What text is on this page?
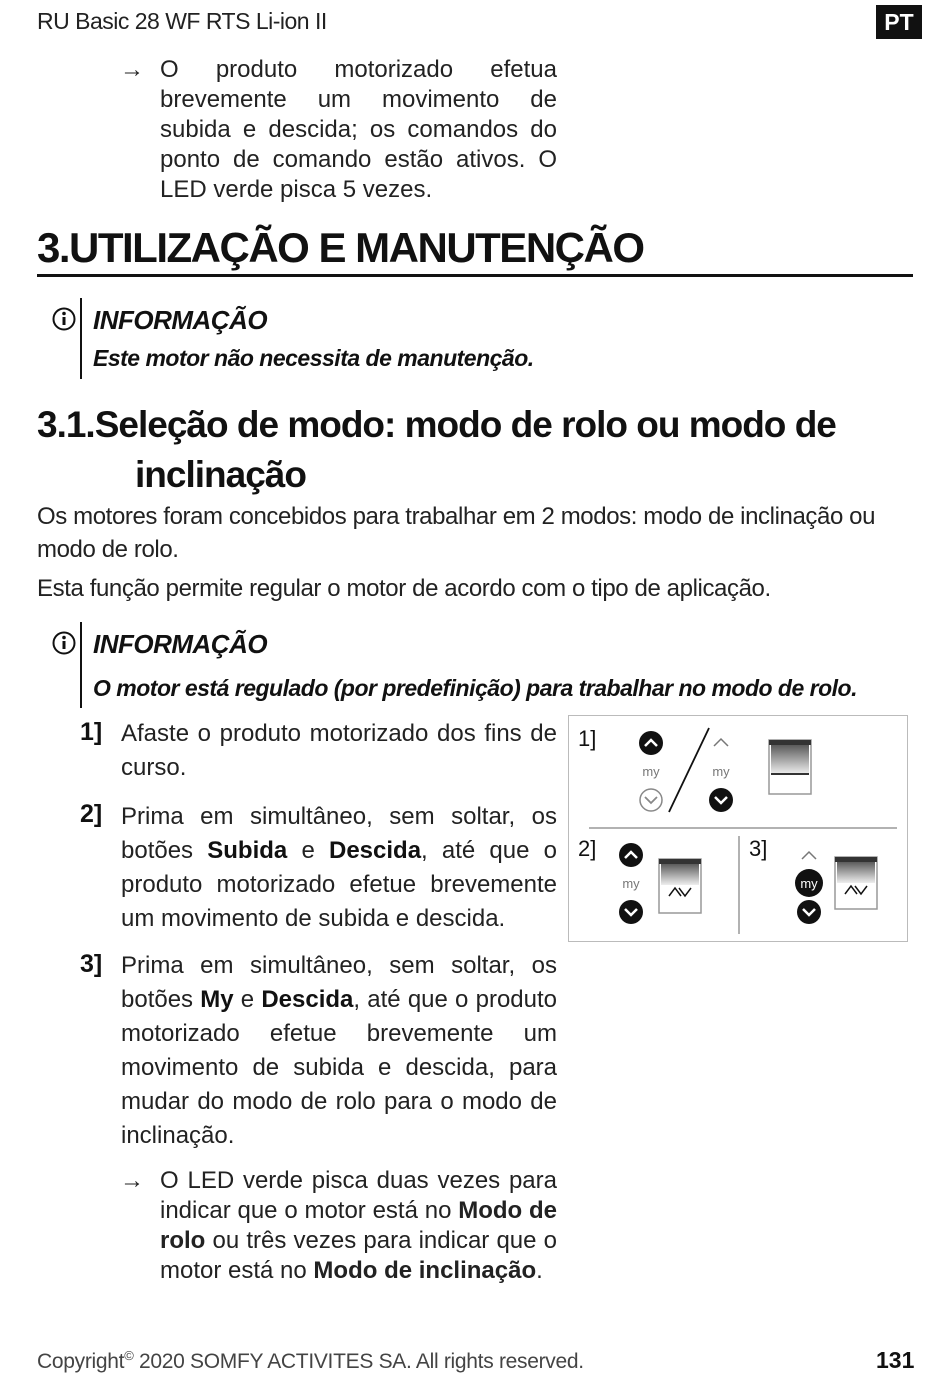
RU Basic 28 WF RTS Li-ion II	PT
→ O produto motorizado efetua brevemente um movimento de subida e descida; os comandos do ponto de comando estão ativos. O LED verde pisca 5 vezes.
3.UTILIZAÇÃO E MANUTENÇÃO
INFORMAÇÃO
Este motor não necessita de manutenção.
3.1.Seleção de modo: modo de rolo ou modo de
inclinação
Os motores foram concebidos para trabalhar em 2 modos: modo de inclinação ou modo de rolo.
Esta função permite regular o motor de acordo com o tipo de aplicação.
INFORMAÇÃO
O motor está regulado (por predefinição) para trabalhar no modo de rolo.
1] Afaste o produto motorizado dos fins de curso.
2] Prima em simultâneo, sem soltar, os botões Subida e Descida, até que o produto motorizado efetue brevemente um movimento de subida e descida.
3] Prima em simultâneo, sem soltar, os botões My e Descida, até que o produto motorizado efetue brevemente um movimento de subida e descida, para mudar do modo de rolo para o modo de inclinação.
→ O LED verde pisca duas vezes para indicar que o motor está no Modo de rolo ou três vezes para indicar que o motor está no Modo de inclinação.
my	my
my	my
1]
2]	3]
Copyright© 2020 SOMFY ACTIVITES SA. All rights reserved.	131
